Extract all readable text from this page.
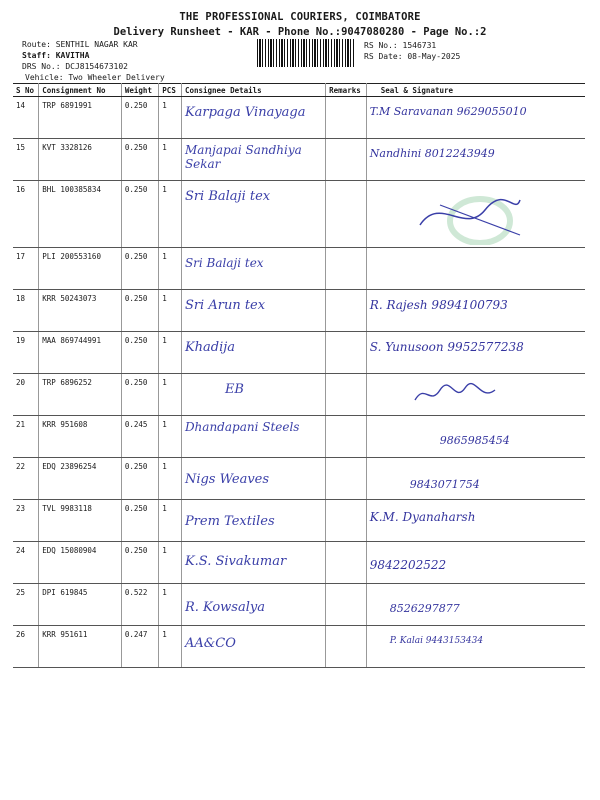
THE PROFESSIONAL COURIERS, COIMBATORE
Delivery Runsheet - KAR - Phone No.:9047080280 - Page No.:2
Route: SENTHIL NAGAR KAR
Staff: KAVITHA
DRS No.: DCJ8154673102
Vehicle: Two Wheeler Delivery
RS No.: 1546731
RS Date: 08-May-2025
S No	Consignment No	Weight	PCS	Consignee Details	Remarks	Seal & Signature
14	TRP 6891991	0.250	1	Karpaga Vinayaga		T.M Saravanan 9629055010

15	KVT 3328126	0.250	1	Manjapai Sandhiya Sekar		Nandhini 8012243949

16	BHL 100385834	0.250	1	Sri Balaji tex

17	PLI 200553160	0.250	1	Sri Balaji tex		

18	KRR 50243073	0.250	1	Sri Arun tex		R. Rajesh 9894100793

19	MAA 869744991	0.250	1	Khadija		S. Yunusoon 9952577238

20	TRP 6896252	0.250	1	EB

21	KRR 951608	0.245	1	Dhandapani Steels		9865985454

22	EDQ 23896254	0.250	1	Nigs Weaves		9843071754

23	TVL 9983118	0.250	1	Prem Textiles		K.M. Dyanaharsh

24	EDQ 15080904	0.250	1	K.S. Sivakumar		9842202522

25	DPI 619845	0.522	1	R. Kowsalya		8526297877

26	KRR 951611	0.247	1	AA&CO		P. Kalai 9443153434
